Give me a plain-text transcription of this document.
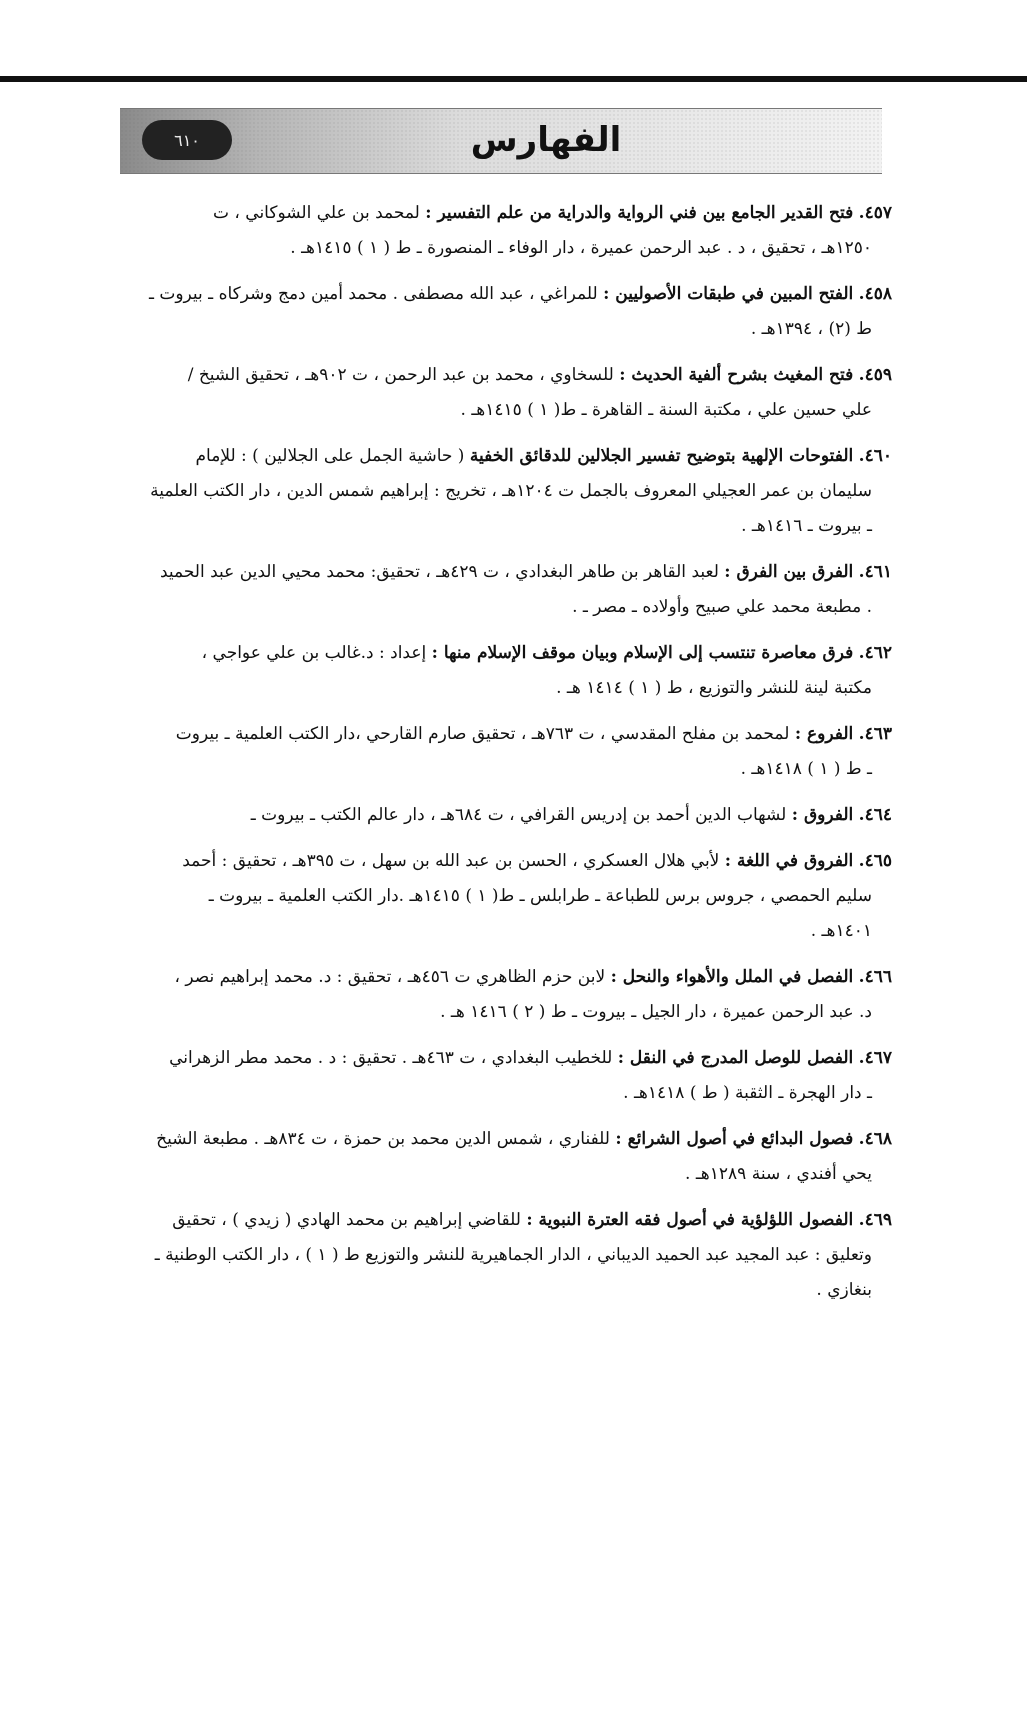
الفهارس
٦١٠
٤٥٧. فتح القدير الجامع بين فني الرواية والدراية من علم التفسير : لمحمد بن علي الشوكاني ، ت
١٢٥٠هـ ، تحقيق ، د . عبد الرحمن عميرة ، دار الوفاء ـ المنصورة ـ ط ( ١ ) ١٤١٥هـ .
٤٥٨. الفتح المبين في طبقات الأصوليين : للمراغي ، عبد الله مصطفى . محمد أمين دمج وشركاه ـ بيروت ـ
ط (٢) ، ١٣٩٤هـ .
٤٥٩. فتح المغيث بشرح ألفية الحديث : للسخاوي ، محمد بن عبد الرحمن ، ت ٩٠٢هـ ، تحقيق الشيخ /
علي حسين علي ، مكتبة السنة ـ القاهرة ـ ط( ١ ) ١٤١٥هـ .
٤٦٠. الفتوحات الإلهية بتوضيح تفسير الجلالين للدقائق الخفية ( حاشية الجمل على الجلالين ) : للإمام
سليمان بن عمر العجيلي المعروف بالجمل ت ١٢٠٤هـ ، تخريج : إبراهيم شمس الدين ، دار الكتب العلمية
ـ بيروت ـ ١٤١٦هـ .
٤٦١. الفرق بين الفرق : لعبد القاهر بن طاهر البغدادي ، ت ٤٢٩هـ ، تحقيق: محمد محيي الدين عبد الحميد
. مطبعة محمد علي صبيح وأولاده ـ مصر ـ .
٤٦٢. فرق معاصرة تنتسب إلى الإسلام وبيان موقف الإسلام منها : إعداد : د.غالب بن علي عواجي ،
مكتبة لينة للنشر والتوزيع ، ط ( ١ ) ١٤١٤ هـ .
٤٦٣. الفروع : لمحمد بن مفلح المقدسي ، ت ٧٦٣هـ ، تحقيق صارم القارحي ،دار الكتب العلمية ـ بيروت
ـ ط ( ١ ) ١٤١٨هـ .
٤٦٤. الفروق : لشهاب الدين أحمد بن إدريس القرافي ، ت ٦٨٤هـ ، دار عالم الكتب ـ بيروت ـ
٤٦٥. الفروق في اللغة : لأبي هلال العسكري ، الحسن بن عبد الله بن سهل ، ت ٣٩٥هـ ، تحقيق : أحمد
سليم الحمصي ، جروس برس للطباعة ـ طرابلس ـ ط( ١ ) ١٤١٥هـ .دار الكتب العلمية ـ بيروت ـ
١٤٠١هـ .
٤٦٦. الفصل في الملل والأهواء والنحل : لابن حزم الظاهري ت ٤٥٦هـ ، تحقيق : د. محمد إبراهيم نصر ،
د. عبد الرحمن عميرة ، دار الجيل ـ بيروت ـ ط ( ٢ ) ١٤١٦ هـ .
٤٦٧. الفصل للوصل المدرج في النقل : للخطيب البغدادي ، ت ٤٦٣هـ . تحقيق : د . محمد مطر الزهراني
ـ دار الهجرة ـ الثقبة ( ط ) ١٤١٨هـ .
٤٦٨. فصول البدائع في أصول الشرائع : للفناري ، شمس الدين محمد بن حمزة ، ت ٨٣٤هـ . مطبعة الشيخ
يحي أفندي ، سنة ١٢٨٩هـ .
٤٦٩. الفصول اللؤلؤية في أصول فقه العترة النبوية : للقاضي إبراهيم بن محمد الهادي ( زيدي ) ، تحقيق
وتعليق : عبد المجيد عبد الحميد الديباني ، الدار الجماهيرية للنشر والتوزيع ط ( ١ ) ، دار الكتب الوطنية ـ
بنغازي .
